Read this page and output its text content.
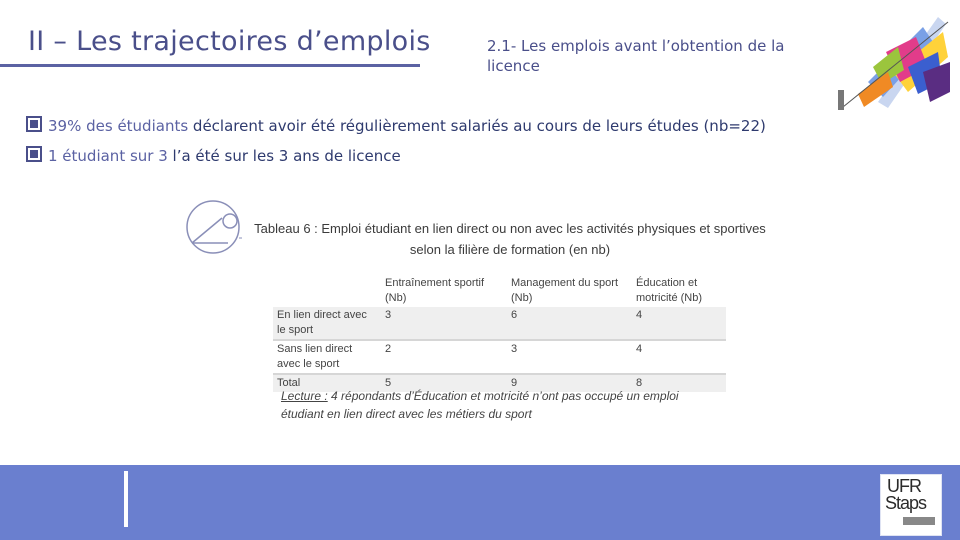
II – Les trajectoires d’emplois	2.1- Les emplois avant l’obtention de la licence
39% des étudiants déclarent avoir été régulièrement salariés au cours de leurs études (nb=22)
1 étudiant sur 3 l’a été sur les 3 ans de licence
Tableau 6 : Emploi étudiant en lien direct ou non avec les activités physiques et sportives selon la filière de formation (en nb)
	Entraînement sportif (Nb)	Management du sport (Nb)	Éducation et motricité (Nb)
En lien direct avec le sport	3	6	4

Sans lien direct avec le sport	2	3	4

Total	5	9	8
Lecture : 4 répondants d’Éducation et motricité n’ont pas occupé un emploi étudiant en lien direct avec les métiers du sport
UFR
Staps
